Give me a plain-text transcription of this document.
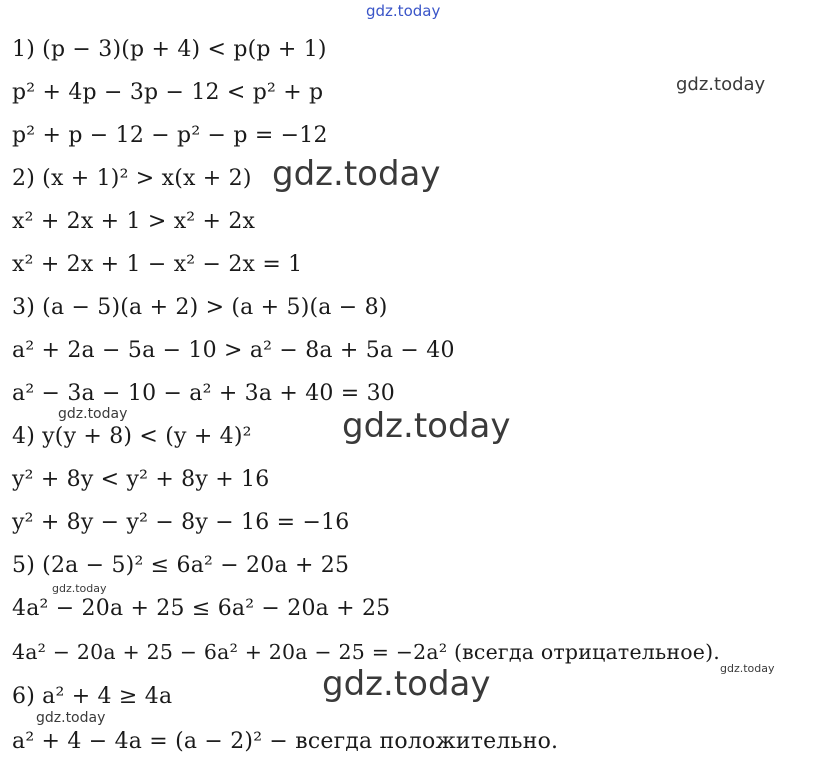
gdz.today
1) (p − 3)(p + 4) < p(p + 1)
p² + 4p − 3p − 12 < p² + p
p² + p − 12 − p² − p = −12
2) (x + 1)² > x(x + 2)
x² + 2x + 1 > x² + 2x
x² + 2x + 1 − x² − 2x = 1
3) (a − 5)(a + 2) > (a + 5)(a − 8)
a² + 2a − 5a − 10 > a² − 8a + 5a − 40
a² − 3a − 10 − a² + 3a + 40 = 30
4) y(y + 8) < (y + 4)²
y² + 8y < y² + 8y + 16
y² + 8y − y² − 8y − 16 = −16
5) (2a − 5)² ≤ 6a² − 20a + 25
4a² − 20a + 25 ≤ 6a² − 20a + 25
4a² − 20a + 25 − 6a² + 20a − 25 = −2a² (всегда отрицательное).
6) a² + 4 ≥ 4a
a² + 4 − 4a = (a − 2)² − всегда положительно.
gdz.today
gdz.today
gdz.today	gdz.today
gdz.today
gdz.today
gdz.today
gdz.today
